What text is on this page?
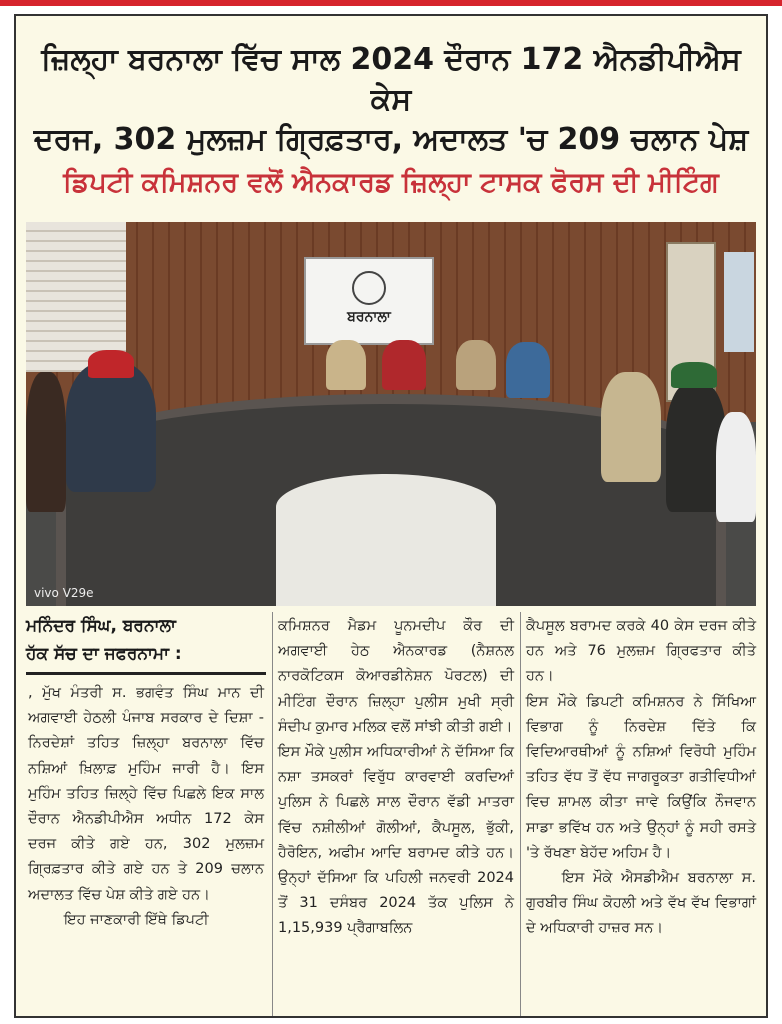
ਜ਼ਿਲ੍ਹਾ ਬਰਨਾਲਾ ਵਿੱਚ ਸਾਲ 2024 ਦੌਰਾਨ 172 ਐਨਡੀਪੀਐਸ ਕੇਸ
ਦਰਜ, 302 ਮੁਲਜ਼ਮ ਗ੍ਰਿਫ਼ਤਾਰ, ਅਦਾਲਤ 'ਚ 209 ਚਲਾਨ ਪੇਸ਼
ਡਿਪਟੀ ਕਮਿਸ਼ਨਰ ਵਲੋਂ ਐਨਕਾਰਡ ਜ਼ਿਲ੍ਹਾ ਟਾਸਕ ਫੋਰਸ ਦੀ ਮੀਟਿੰਗ
ਬਰਨਾਲਾ
vivo V29e
ਮਨਿੰਦਰ ਸਿੰਘ, ਬਰਨਾਲਾ
ਹੱਕ ਸੱਚ ਦਾ ਜਫਰਨਾਮਾ :

, ਮੁੱਖ ਮੰਤਰੀ ਸ. ਭਗਵੰਤ ਸਿੰਘ ਮਾਨ ਦੀ ਅਗਵਾਈ ਹੇਠਲੀ ਪੰਜਾਬ ਸਰਕਾਰ ਦੇ ਦਿਸ਼ਾ - ਨਿਰਦੇਸ਼ਾਂ ਤਹਿਤ ਜ਼ਿਲ੍ਹਾ ਬਰਨਾਲਾ ਵਿੱਚ ਨਸ਼ਿਆਂ ਖ਼ਿਲਾਫ਼ ਮੁਹਿੰਮ ਜਾਰੀ ਹੈ। ਇਸ ਮੁਹਿੰਮ ਤਹਿਤ ਜ਼ਿਲ੍ਹੇ ਵਿੱਚ ਪਿਛਲੇ ਇਕ ਸਾਲ ਦੌਰਾਨ ਐਨਡੀਪੀਐਸ ਅਧੀਨ 172 ਕੇਸ ਦਰਜ ਕੀਤੇ ਗਏ ਹਨ, 302 ਮੁਲਜ਼ਮ ਗ੍ਰਿਫ਼ਤਾਰ ਕੀਤੇ ਗਏ ਹਨ ਤੇ 209 ਚਲਾਨ ਅਦਾਲਤ ਵਿੱਚ ਪੇਸ਼ ਕੀਤੇ ਗਏ ਹਨ।

ਇਹ ਜਾਣਕਾਰੀ ਇੱਥੇ ਡਿਪਟੀ

ਕਮਿਸ਼ਨਰ ਮੈਡਮ ਪੂਨਮਦੀਪ ਕੌਰ ਦੀ ਅਗਵਾਈ ਹੇਠ ਐਨਕਾਰਡ (ਨੈਸ਼ਨਲ ਨਾਰਕੋਟਿਕਸ ਕੋਆਰਡੀਨੇਸ਼ਨ ਪੋਰਟਲ) ਦੀ ਮੀਟਿੰਗ ਦੌਰਾਨ ਜ਼ਿਲ੍ਹਾ ਪੁਲੀਸ ਮੁਖੀ ਸ੍ਰੀ ਸੰਦੀਪ ਕੁਮਾਰ ਮਲਿਕ ਵਲੋਂ ਸਾਂਝੀ ਕੀਤੀ ਗਈ।

ਇਸ ਮੌਕੇ ਪੁਲੀਸ ਅਧਿਕਾਰੀਆਂ ਨੇ ਦੱਸਿਆ ਕਿ ਨਸ਼ਾ ਤਸਕਰਾਂ ਵਿਰੁੱਧ ਕਾਰਵਾਈ ਕਰਦਿਆਂ ਪੁਲਿਸ ਨੇ ਪਿਛਲੇ ਸਾਲ ਦੌਰਾਨ ਵੱਡੀ ਮਾਤਰਾ ਵਿੱਚ ਨਸ਼ੀਲੀਆਂ ਗੋਲੀਆਂ, ਕੈਪਸੂਲ, ਭੁੱਕੀ, ਹੈਰੋਇਨ, ਅਫੀਮ ਆਦਿ ਬਰਾਮਦ ਕੀਤੇ ਹਨ। ਉਨ੍ਹਾਂ ਦੱਸਿਆ ਕਿ ਪਹਿਲੀ ਜਨਵਰੀ 2024 ਤੋਂ 31 ਦਸੰਬਰ 2024 ਤੱਕ ਪੁਲਿਸ ਨੇ 1,15,939 ਪ੍ਰੈਗਾਬਲਿਨ

ਕੈਪਸੂਲ ਬਰਾਮਦ ਕਰਕੇ 40 ਕੇਸ ਦਰਜ ਕੀਤੇ ਹਨ ਅਤੇ 76 ਮੁਲਜ਼ਮ ਗ੍ਰਿਫਤਾਰ ਕੀਤੇ ਹਨ।

ਇਸ ਮੌਕੇ ਡਿਪਟੀ ਕਮਿਸ਼ਨਰ ਨੇ ਸਿੱਖਿਆ ਵਿਭਾਗ ਨੂੰ ਨਿਰਦੇਸ਼ ਦਿੱਤੇ ਕਿ ਵਿਦਿਆਰਥੀਆਂ ਨੂੰ ਨਸ਼ਿਆਂ ਵਿਰੋਧੀ ਮੁਹਿੰਮ ਤਹਿਤ ਵੱਧ ਤੋਂ ਵੱਧ ਜਾਗਰੂਕਤਾ ਗਤੀਵਿਧੀਆਂ ਵਿਚ ਸ਼ਾਮਲ ਕੀਤਾ ਜਾਵੇ ਕਿਉਂਕਿ ਨੌਜਵਾਨ ਸਾਡਾ ਭਵਿੱਖ ਹਨ ਅਤੇ ਉਨ੍ਹਾਂ ਨੂੰ ਸਹੀ ਰਸਤੇ 'ਤੇ ਰੱਖਣਾ ਬੇਹੱਦ ਅਹਿਮ ਹੈ।

ਇਸ ਮੌਕੇ ਐਸਡੀਐਮ ਬਰਨਾਲਾ ਸ. ਗੁਰਬੀਰ ਸਿੰਘ ਕੋਹਲੀ ਅਤੇ ਵੱਖ ਵੱਖ ਵਿਭਾਗਾਂ ਦੇ ਅਧਿਕਾਰੀ ਹਾਜ਼ਰ ਸਨ।
